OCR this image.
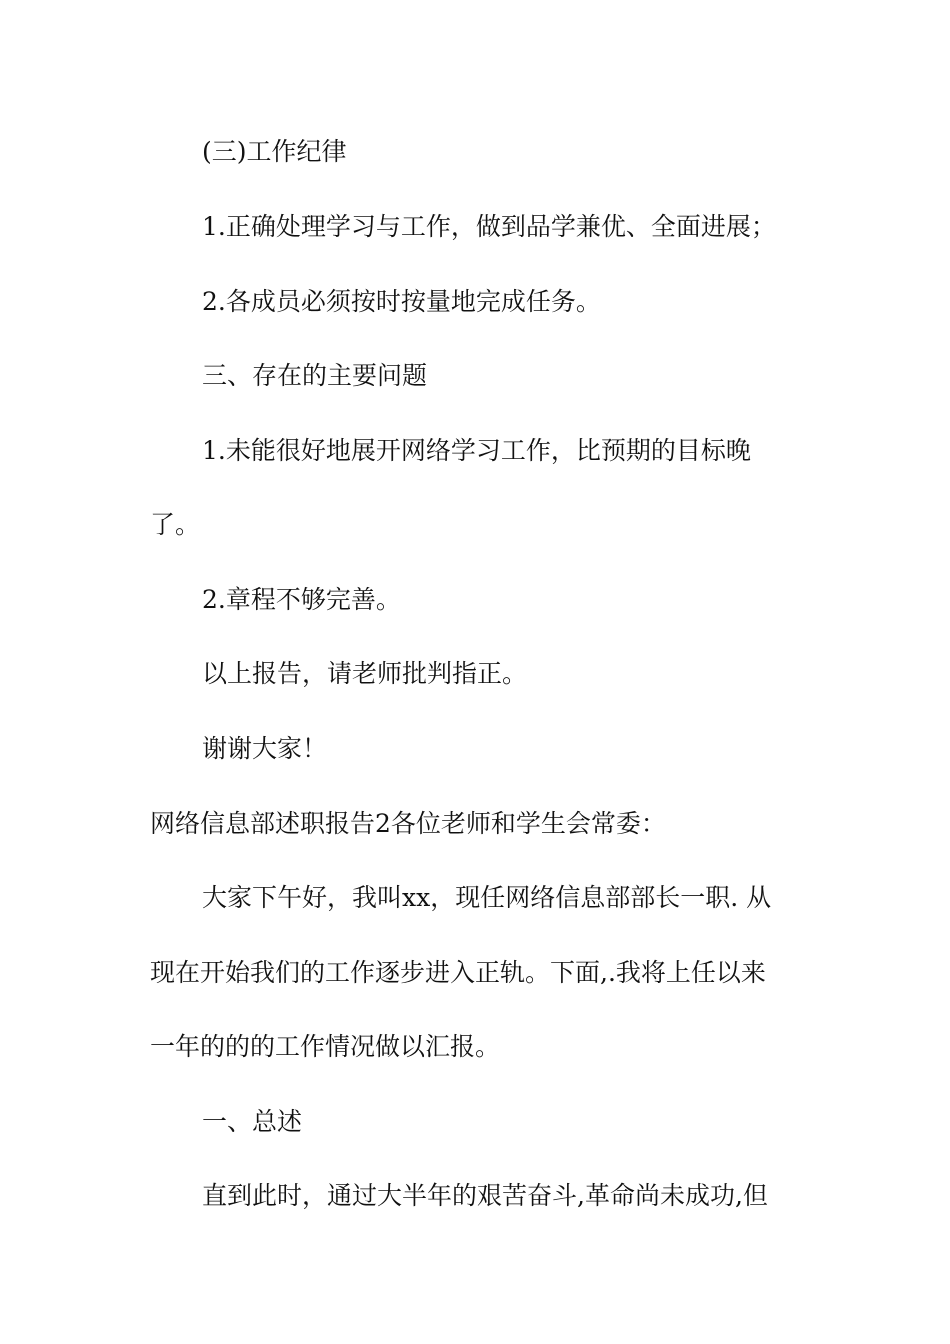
(三)工作纪律

1.正确处理学习与工作，做到品学兼优、全面进展；

2.各成员必须按时按量地完成任务。

三、存在的主要问题

1.未能很好地展开网络学习工作，比预期的目标晚

了。

2.章程不够完善。

以上报告，请老师批判指正。

谢谢大家！

网络信息部述职报告2各位老师和学生会常委：

大家下午好，我叫xx，现任网络信息部部长一职. 从

现在开始我们的工作逐步进入正轨。下面,.我将上任以来

一年的的的工作情况做以汇报。

一、总述

直到此时，通过大半年的艰苦奋斗,革命尚未成功,但
